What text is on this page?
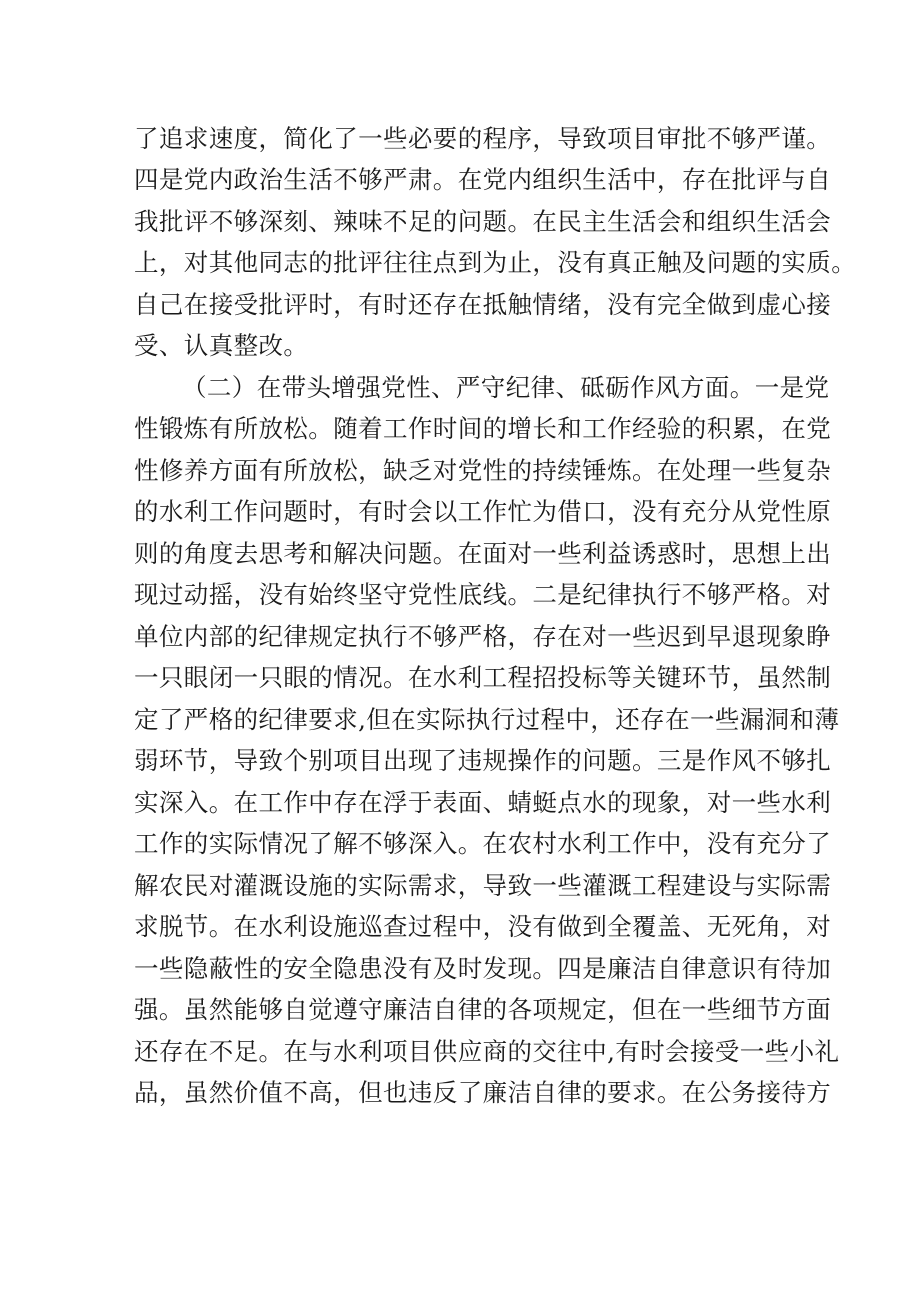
了追求速度，简化了一些必要的程序，导致项目审批不够严谨。
四是党内政治生活不够严肃。在党内组织生活中，存在批评与自
我批评不够深刻、辣味不足的问题。在民主生活会和组织生活会
上，对其他同志的批评往往点到为止，没有真正触及问题的实质。
自己在接受批评时，有时还存在抵触情绪，没有完全做到虚心接
受、认真整改。
（二）在带头增强党性、严守纪律、砥砺作风方面。一是党
性锻炼有所放松。随着工作时间的增长和工作经验的积累，在党
性修养方面有所放松，缺乏对党性的持续锤炼。在处理一些复杂
的水利工作问题时，有时会以工作忙为借口，没有充分从党性原
则的角度去思考和解决问题。在面对一些利益诱惑时，思想上出
现过动摇，没有始终坚守党性底线。二是纪律执行不够严格。对
单位内部的纪律规定执行不够严格，存在对一些迟到早退现象睁
一只眼闭一只眼的情况。在水利工程招投标等关键环节，虽然制
定了严格的纪律要求,但在实际执行过程中，还存在一些漏洞和薄
弱环节，导致个别项目出现了违规操作的问题。三是作风不够扎
实深入。在工作中存在浮于表面、蜻蜓点水的现象，对一些水利
工作的实际情况了解不够深入。在农村水利工作中，没有充分了
解农民对灌溉设施的实际需求，导致一些灌溉工程建设与实际需
求脱节。在水利设施巡查过程中，没有做到全覆盖、无死角，对
一些隐蔽性的安全隐患没有及时发现。四是廉洁自律意识有待加
强。虽然能够自觉遵守廉洁自律的各项规定，但在一些细节方面
还存在不足。在与水利项目供应商的交往中,有时会接受一些小礼
品，虽然价值不高，但也违反了廉洁自律的要求。在公务接待方
